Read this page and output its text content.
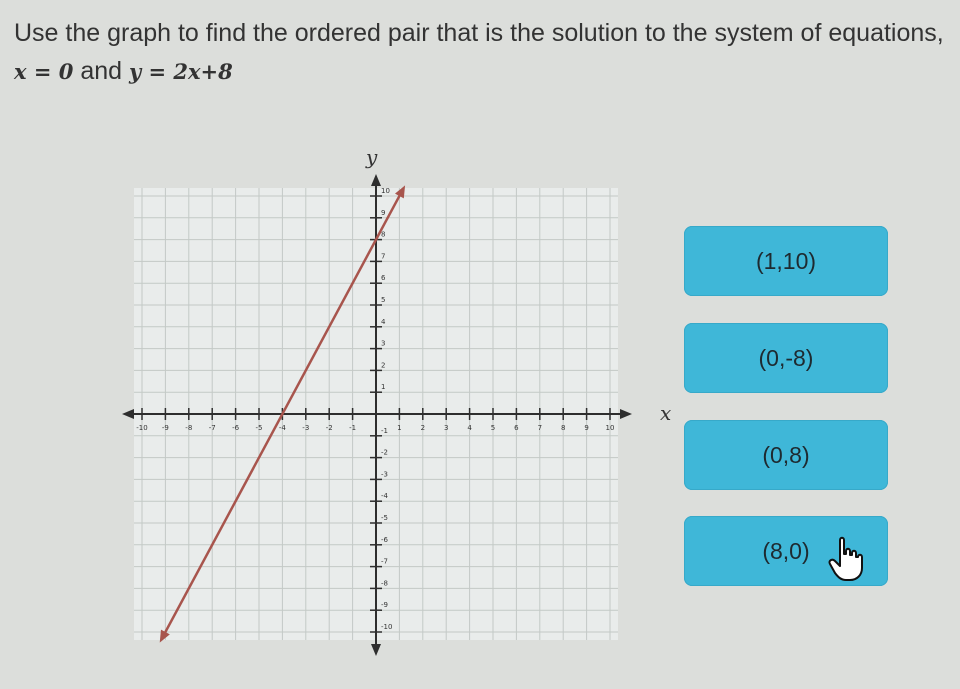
Use the graph to find the ordered pair that is the solution to the system of equations, x = 0 and y = 2x+8
-10 -9 -8 -7 -6 -5 -4 -3 -2 -1	1	2	3	4	5	6	7	8	9 10
-10
-9
-8
-7
-6
-5
-4
-3
-2
-1
1
2
3
4
5
6
7
8
9
10
x
y
(1,10)
(0,-8)
(0,8)
(8,0)
